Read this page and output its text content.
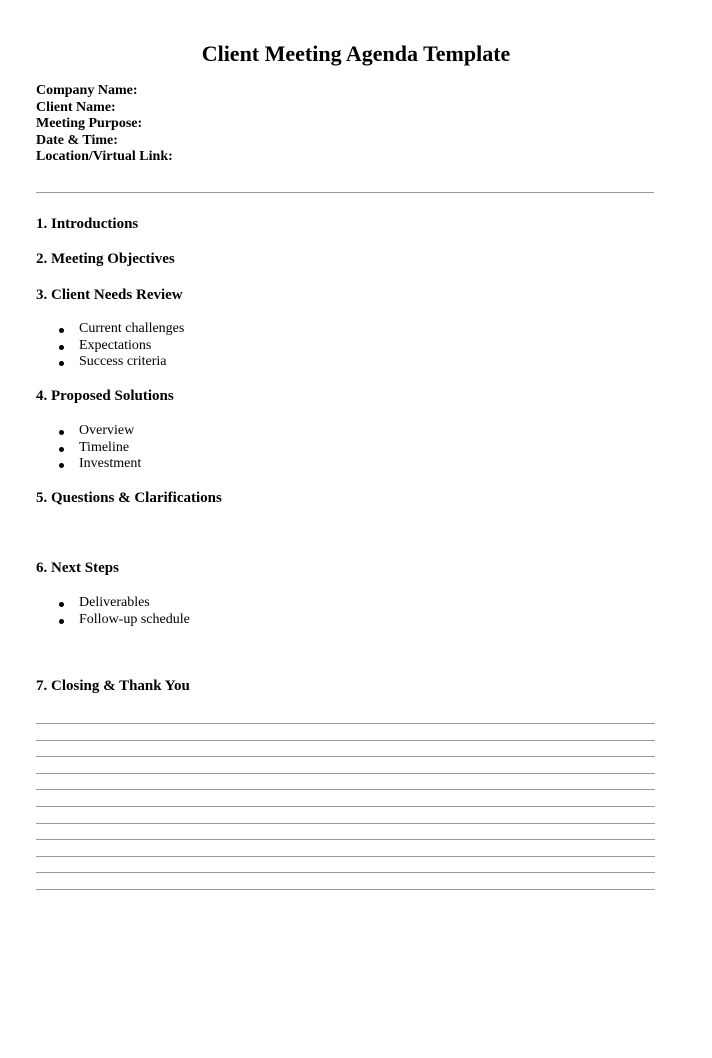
Client Meeting Agenda Template
Company Name:
Client Name:
Meeting Purpose:
Date & Time:
Location/Virtual Link:
1. Introductions
2. Meeting Objectives
3. Client Needs Review
Current challenges
Expectations
Success criteria
4. Proposed Solutions
Overview
Timeline
Investment
5. Questions & Clarifications
6. Next Steps
Deliverables
Follow-up schedule
7. Closing & Thank You
